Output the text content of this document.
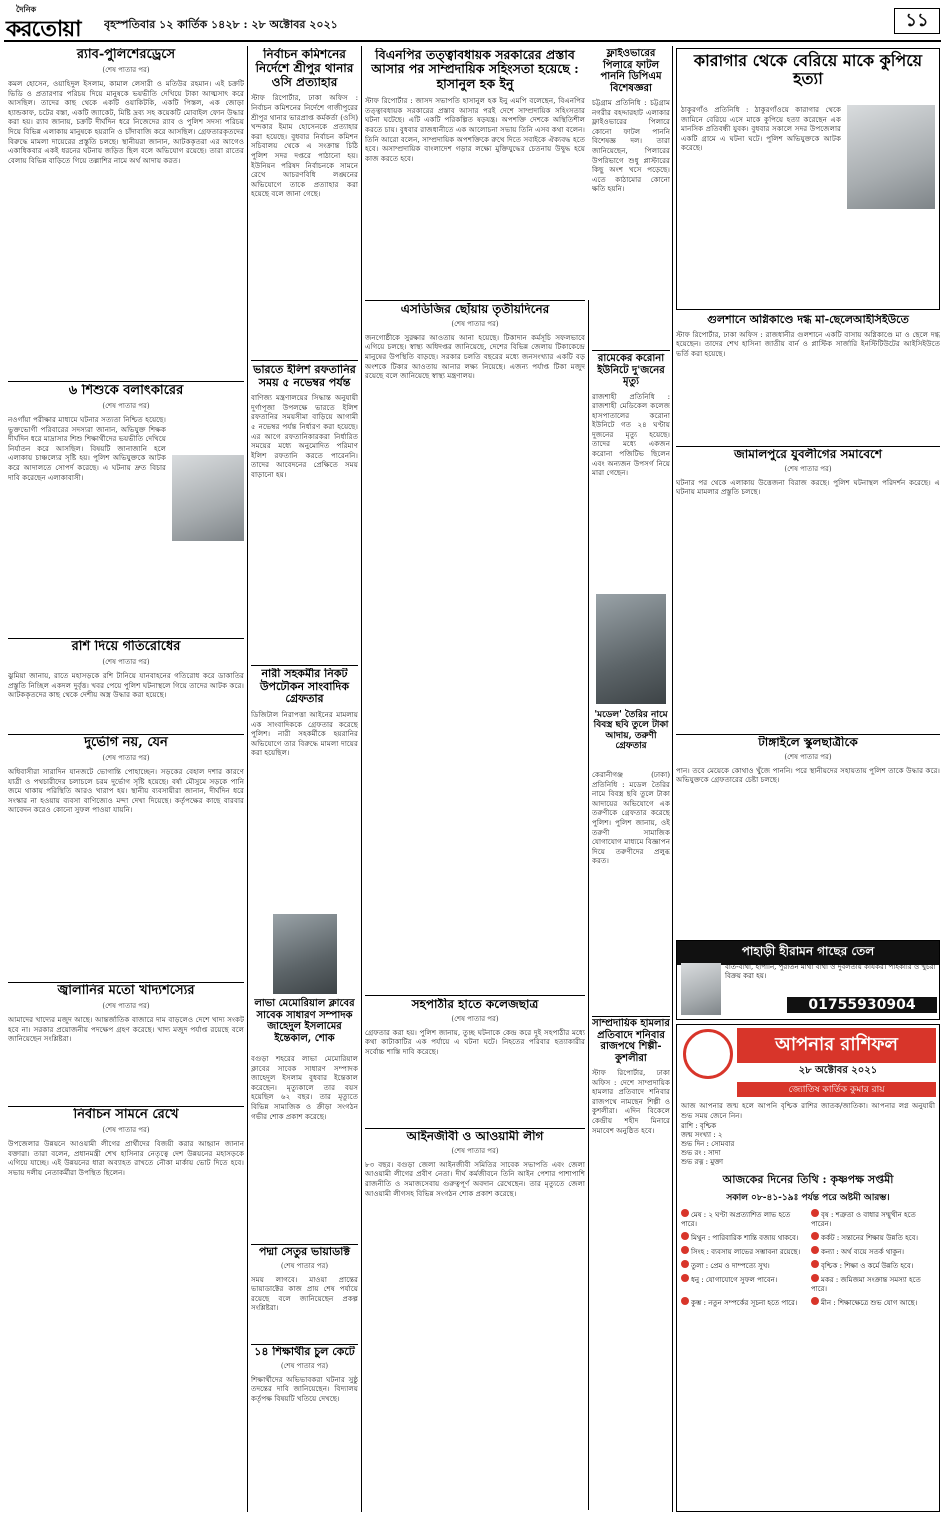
দৈনিক
করতোয়া বৃহস্পতিবার ১২ কার্তিক ১৪২৮ : ২৮ অক্টোবর ২০২১	১১
র‍্যাব-পুলিশেরড্রেসে
(শেষ পাতার পর)
কমল হোসেন, ওয়াহিদুল ইসলাম, কামাল লেসারী ও মতিউর রহমান। এই চক্রটি ভিডি ও প্রতারণার পরিচয় দিয়ে মানুষকে ভয়ভীতি দেখিয়ে টাকা আত্মসাৎ করে আসছিল। তাদের কাছ থেকে একটি ওয়াকিটকি, একটি পিস্তল, এক জোড়া হ্যান্ডকাফ, চটের বস্তা, একটি জ্যাকেট, মিষ্টি দ্রব্য সহ কয়েকটি মোবাইল ফোন উদ্ধার করা হয়। র‍্যাব জানায়, চক্রটি দীর্ঘদিন ধরে নিজেদের র‍্যাব ও পুলিশ সদস্য পরিচয় দিয়ে বিভিন্ন এলাকায় মানুষকে হয়রানি ও চাঁদাবাজি করে আসছিল। গ্রেফতারকৃতদের বিরুদ্ধে মামলা দায়েরের প্রস্তুতি চলছে। স্থানীয়রা জানান, আটককৃতরা এর আগেও একাধিকবার একই ধরনের ঘটনায় জড়িত ছিল বলে অভিযোগ রয়েছে। তারা রাতের বেলায় বিভিন্ন বাড়িতে গিয়ে তল্লাশির নামে অর্থ আদায় করত।
৬ শিশুকে বলাৎকারের
(শেষ পাতার পর)
নওগাঁয়া পরীক্ষার মাধ্যমে ঘটনার সত্যতা নিশ্চিত হয়েছে। ভুক্তভোগী পরিবারের সদস্যরা জানান, অভিযুক্ত শিক্ষক দীর্ঘদিন ধরে মাদ্রাসার শিশু শিক্ষার্থীদের ভয়ভীতি দেখিয়ে নির্যাতন করে আসছিল। বিষয়টি জানাজানি হলে এলাকায় চাঞ্চল্যের সৃষ্টি হয়। পুলিশ অভিযুক্তকে আটক করে আদালতে সোপর্দ করেছে। এ ঘটনায় দ্রুত বিচার দাবি করেছেন এলাকাবাসী।
রশি দিয়ে গতিরোধের
(শেষ পাতার পর)
ঝুমিয়া জানায়, রাতে মহাসড়কে রশি টানিয়ে যানবাহনের গতিরোধ করে ডাকাতির প্রস্তুতি নিচ্ছিল একদল দুর্বৃত্ত। খবর পেয়ে পুলিশ ঘটনাস্থলে গিয়ে তাদের আটক করে। আটককৃতদের কাছ থেকে দেশীয় অস্ত্র উদ্ধার করা হয়েছে।
দুর্ভোগ নয়, যেন
(শেষ পাতার পর)
অধিবাসীরা সারাদিন যানজটে ভোগান্তি পোহাচ্ছেন। সড়কের বেহাল দশার কারণে যাত্রী ও পথচারীদের চলাচলে চরম দুর্ভোগ সৃষ্টি হয়েছে। বর্ষা মৌসুমে সড়কে পানি জমে থাকায় পরিস্থিতি আরও খারাপ হয়। স্থানীয় ব্যবসায়ীরা জানান, দীর্ঘদিন ধরে সংস্কার না হওয়ায় ব্যবসা বাণিজ্যেও মন্দা দেখা দিয়েছে। কর্তৃপক্ষের কাছে বারবার আবেদন করেও কোনো সুফল পাওয়া যায়নি।
জ্বালানির মতো খাদ্যশস্যের
(শেষ পাতার পর)
আমাদের খাদ্যের মজুদ আছে। আন্তর্জাতিক বাজারে দাম বাড়লেও দেশে খাদ্য সংকট হবে না। সরকার প্রয়োজনীয় পদক্ষেপ গ্রহণ করেছে। খাদ্য মজুদ পর্যাপ্ত রয়েছে বলে জানিয়েছেন সংশ্লিষ্টরা।
নির্বাচন সামনে রেখে
(শেষ পাতার পর)
উপজেলার উন্নয়নে আওয়ামী লীগের প্রার্থীদের বিজয়ী করার আহ্বান জানান বক্তারা। তারা বলেন, প্রধানমন্ত্রী শেখ হাসিনার নেতৃত্বে দেশ উন্নয়নের মহাসড়কে এগিয়ে যাচ্ছে। এই উন্নয়নের ধারা অব্যাহত রাখতে নৌকা মার্কায় ভোট দিতে হবে। সভায় দলীয় নেতাকর্মীরা উপস্থিত ছিলেন।
নির্বাচন কমিশনের নির্দেশে শ্রীপুর থানার ওসি প্রত্যাহার
স্টাফ রিপোর্টার, ঢাকা অফিস : নির্বাচন কমিশনের নির্দেশে গাজীপুরের শ্রীপুর থানার ভারপ্রাপ্ত কর্মকর্তা (ওসি) খন্দকার ইমাম হোসেনকে প্রত্যাহার করা হয়েছে। বুধবার নির্বাচন কমিশন সচিবালয় থেকে এ সংক্রান্ত চিঠি পুলিশ সদর দপ্তরে পাঠানো হয়। ইউনিয়ন পরিষদ নির্বাচনকে সামনে রেখে আচরণবিধি লঙ্ঘনের অভিযোগে তাকে প্রত্যাহার করা হয়েছে বলে জানা গেছে।
ভারতে ইলিশ রফতানির সময় ৫ নভেম্বর পর্যন্ত
বাণিজ্য মন্ত্রণালয়ের সিদ্ধান্ত অনুযায়ী দুর্গাপূজা উপলক্ষে ভারতে ইলিশ রফতানির সময়সীমা বাড়িয়ে আগামী ৫ নভেম্বর পর্যন্ত নির্ধারণ করা হয়েছে। এর আগে রফতানিকারকরা নির্ধারিত সময়ের মধ্যে অনুমোদিত পরিমাণ ইলিশ রফতানি করতে পারেননি। তাদের আবেদনের প্রেক্ষিতে সময় বাড়ানো হয়।
নারী সহকর্মীর নিকট উপঢৌকন সাংবাদিক গ্রেফতার
ডিজিটাল নিরাপত্তা আইনের মামলায় এক সাংবাদিককে গ্রেফতার করেছে পুলিশ। নারী সহকর্মীকে হয়রানির অভিযোগে তার বিরুদ্ধে মামলা দায়ের করা হয়েছিল।
লাভা মেমোরিয়াল ক্লাবের সাবেক সাধারণ সম্পাদক জাহেদুল ইসলামের ইন্তেকাল, শোক
বগুড়া শহরের লাভা মেমোরিয়াল ক্লাবের সাবেক সাধারণ সম্পাদক জাহেদুল ইসলাম বুধবার ইন্তেকাল করেছেন। মৃত্যুকালে তার বয়স হয়েছিল ৬২ বছর। তার মৃত্যুতে বিভিন্ন সামাজিক ও ক্রীড়া সংগঠন গভীর শোক প্রকাশ করেছে।
পদ্মা সেতুর ভায়াডাক্ট
(শেষ পাতার পর)
সময় লাগবে। মাওয়া প্রান্তের ভায়াডাক্টের কাজ প্রায় শেষ পর্যায়ে রয়েছে বলে জানিয়েছেন প্রকল্প সংশ্লিষ্টরা।
১৪ শিক্ষার্থীর চুল কেটে
(শেষ পাতার পর)
শিক্ষার্থীদের অভিভাবকরা ঘটনার সুষ্ঠু তদন্তের দাবি জানিয়েছেন। বিদ্যালয় কর্তৃপক্ষ বিষয়টি খতিয়ে দেখছে।
বিএনপির তত্ত্বাবধায়ক সরকারের প্রস্তাব আসার পর সাম্প্রদায়িক সহিংসতা হয়েছে : হাসানুল হক ইনু
স্টাফ রিপোর্টার : জাসদ সভাপতি হাসানুল হক ইনু এমপি বলেছেন, বিএনপির তত্ত্বাবধায়ক সরকারের প্রস্তাব আসার পরই দেশে সাম্প্রদায়িক সহিংসতার ঘটনা ঘটেছে। এটি একটি পরিকল্পিত ষড়যন্ত্র। অপশক্তি দেশকে অস্থিতিশীল করতে চায়। বুধবার রাজধানীতে এক আলোচনা সভায় তিনি এসব কথা বলেন। তিনি আরো বলেন, সাম্প্রদায়িক অপশক্তিকে রুখে দিতে সবাইকে ঐক্যবদ্ধ হতে হবে। অসাম্প্রদায়িক বাংলাদেশ গড়ার লক্ষ্যে মুক্তিযুদ্ধের চেতনায় উদ্বুদ্ধ হয়ে কাজ করতে হবে।
এসডিজির ছোঁয়ায় তৃতীয়দিনের
(শেষ পাতার পর)
জনগোষ্ঠীকে সুরক্ষার আওতায় আনা হয়েছে। টিকাদান কর্মসূচি সফলভাবে এগিয়ে চলছে। স্বাস্থ্য অধিদপ্তর জানিয়েছে, দেশের বিভিন্ন জেলায় টিকাকেন্দ্রে মানুষের উপস্থিতি বাড়ছে। সরকার চলতি বছরের মধ্যে জনসংখ্যার একটি বড় অংশকে টিকার আওতায় আনার লক্ষ্য নিয়েছে। এজন্য পর্যাপ্ত টিকা মজুদ রয়েছে বলে জানিয়েছে স্বাস্থ্য মন্ত্রণালয়।
সহপাঠীর হাতে কলেজছাত্র
(শেষ পাতার পর)
গ্রেফতার করা হয়। পুলিশ জানায়, তুচ্ছ ঘটনাকে কেন্দ্র করে দুই সহপাঠীর মধ্যে কথা কাটাকাটির এক পর্যায়ে এ ঘটনা ঘটে। নিহতের পরিবার হত্যাকারীর সর্বোচ্চ শাস্তি দাবি করেছে।
আইনজীবী ও আওয়ামী লীগ
(শেষ পাতার পর)
৮৩ বছর। বগুড়া জেলা আইনজীবী সমিতির সাবেক সভাপতি এবং জেলা আওয়ামী লীগের প্রবীণ নেতা। দীর্ঘ কর্মজীবনে তিনি আইন পেশার পাশাপাশি রাজনীতি ও সমাজসেবায় গুরুত্বপূর্ণ অবদান রেখেছেন। তার মৃত্যুতে জেলা আওয়ামী লীগসহ বিভিন্ন সংগঠন শোক প্রকাশ করেছে।
ফ্লাইওভারের পিলারে ফাটল পাননি ডিপিএম বিশেষজ্ঞরা
চট্টগ্রাম প্রতিনিধি : চট্টগ্রাম নগরীর বহদ্দারহাট এলাকার ফ্লাইওভারের পিলারে কোনো ফাটল পাননি বিশেষজ্ঞ দল। তারা জানিয়েছেন, পিলারের উপরিভাগে শুধু প্লাস্টারের কিছু অংশ খসে পড়েছে। এতে কাঠামোর কোনো ক্ষতি হয়নি।
রামেকের করোনা ইউনিটে দু'জনের মৃত্যু
রাজশাহী প্রতিনিধি : রাজশাহী মেডিকেল কলেজ হাসপাতালের করোনা ইউনিটে গত ২৪ ঘণ্টায় দুজনের মৃত্যু হয়েছে। তাদের মধ্যে একজন করোনা পজিটিভ ছিলেন এবং অন্যজন উপসর্গ নিয়ে মারা গেছেন।
'মডেল' তৈরির নামে বিবস্ত্র ছবি তুলে টাকা আদায়, তরুণী গ্রেফতার
কেরানীগঞ্জ (ঢাকা) প্রতিনিধি : মডেল তৈরির নামে বিবস্ত্র ছবি তুলে টাকা আদায়ের অভিযোগে এক তরুণীকে গ্রেফতার করেছে পুলিশ। পুলিশ জানায়, ওই তরুণী সামাজিক যোগাযোগ মাধ্যমে বিজ্ঞাপন দিয়ে তরুণীদের প্রলুব্ধ করত।
সাম্প্রদায়িক হামলার প্রতিবাদে শনিবার রাজপথে শিল্পী-কুশলীরা
স্টাফ রিপোর্টার, ঢাকা অফিস : দেশে সাম্প্রদায়িক হামলার প্রতিবাদে শনিবার রাজপথে নামছেন শিল্পী ও কুশলীরা। এদিন বিকেলে কেন্দ্রীয় শহীদ মিনারে সমাবেশ অনুষ্ঠিত হবে।
কারাগার থেকে বেরিয়ে মাকে কুপিয়ে হত্যা
ঠাকুরগাঁও প্রতিনিধি : ঠাকুরগাঁওয়ে কারাগার থেকে জামিনে বেরিয়ে এসে মাকে কুপিয়ে হত্যা করেছেন এক মানসিক প্রতিবন্ধী যুবক। বুধবার সকালে সদর উপজেলার একটি গ্রামে এ ঘটনা ঘটে। পুলিশ অভিযুক্তকে আটক করেছে।
গুলশানে অগ্নিকাণ্ডে দগ্ধ মা-ছেলেআইসিইউতে
স্টাফ রিপোর্টার, ঢাকা অফিস : রাজধানীর গুলশানে একটি বাসায় অগ্নিকাণ্ডে মা ও ছেলে দগ্ধ হয়েছেন। তাদের শেখ হাসিনা জাতীয় বার্ন ও প্লাস্টিক সার্জারি ইনস্টিটিউটের আইসিইউতে ভর্তি করা হয়েছে।
জামালপুরে যুবলীগের সমাবেশে
(শেষ পাতার পর)
ঘটনার পর থেকে এলাকায় উত্তেজনা বিরাজ করছে। পুলিশ ঘটনাস্থল পরিদর্শন করেছে। এ ঘটনায় মামলার প্রস্তুতি চলছে।
টাঙ্গাইলে স্কুলছাত্রীকে
(শেষ পাতার পর)
পান। তবে মেয়েকে কোথাও খুঁজে পাননি। পরে স্থানীয়দের সহায়তায় পুলিশ তাকে উদ্ধার করে। অভিযুক্তকে গ্রেফতারের চেষ্টা চলছে।
পাহাড়ী হীরামন গাছের তেল
বাত-ব্যথা, হাঁপানি, পুরাতন মাথা ব্যথা ও দুর্বলতায় কার্যকর। পাইকারি ও খুচরা বিক্রয় করা হয়।
01755930904
আপনার রাশিফল
২৮ অক্টোবর ২০২১
জ্যোতিষ কার্তিক কুমার রায়
আজ আপনার জন্ম হলে আপনি বৃশ্চিক রাশির জাতক/জাতিকা। আপনার লগ্ন অনুযায়ী শুভ সময় জেনে নিন।
রাশি : বৃশ্চিক
জন্ম সংখ্যা : ২
শুভ দিন : সোমবার
শুভ রং : সাদা
শুভ রত্ন : মুক্তা
আজকের দিনের তিথি : কৃষ্ণপক্ষ সপ্তমী
সকাল ০৮-৪১-১৯ঃ পর্যন্ত পরে অষ্টমী আরম্ভ।
মেষ : ২ ঘণ্টা অপ্রত্যাশিত লাভ হতে পারে।
বৃষ : শত্রুতা ও বাধার সম্মুখীন হতে পারেন।
মিথুন : পারিবারিক শান্তি বজায় থাকবে।	কর্কট : সন্তানের শিক্ষায় উন্নতি হবে।
সিংহ : ব্যবসায় লাভের সম্ভাবনা রয়েছে।	কন্যা : অর্থ ব্যয়ে সতর্ক থাকুন।
তুলা : প্রেম ও দাম্পত্যে সুখ।	বৃশ্চিক : শিক্ষা ও কর্মে উন্নতি হবে।
ধনু : যোগাযোগে সুফল পাবেন।	মকর : জমিজমা সংক্রান্ত সমস্যা হতে পারে।
কুম্ভ : নতুন সম্পর্কের সূচনা হতে পারে।	মীন : শিক্ষাক্ষেত্রে শুভ যোগ আছে।
